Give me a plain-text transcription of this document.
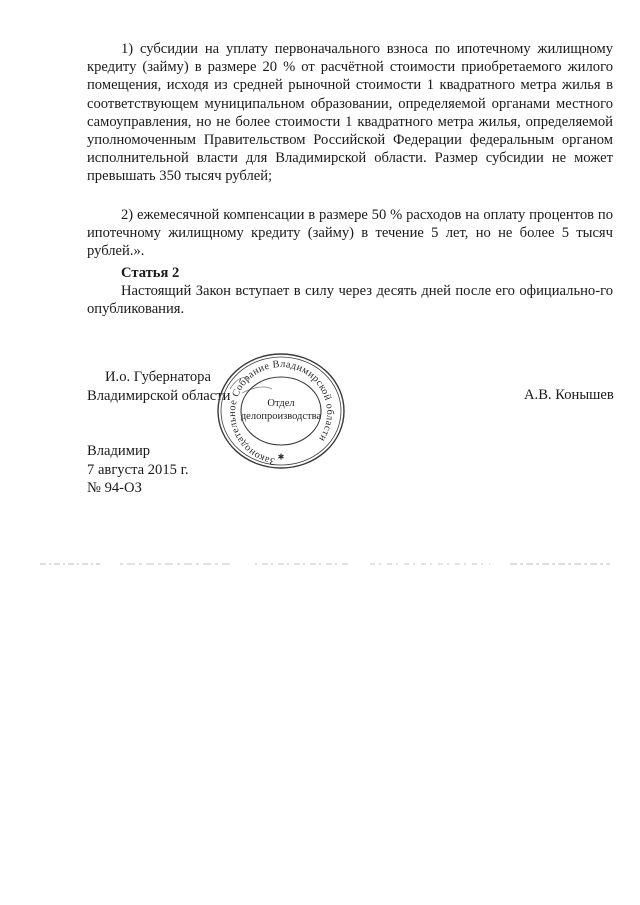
1) субсидии на уплату первоначального взноса по ипотечному жилищному кредиту (займу) в размере 20 % от расчётной стоимости приобретаемого жилого помещения, исходя из средней рыночной стоимости 1 квадратного метра жилья в соответствующем муниципальном образовании, определяемой органами местного самоуправления, но не более стоимости 1 квадратного метра жилья, определяемой уполномоченным Правительством Российской Федерации федеральным органом исполнительной власти для Владимирской области. Размер субсидии не может превышать 350 тысяч рублей;

2) ежемесячной компенсации в размере 50 % расходов на оплату процентов по ипотечному жилищному кредиту (займу) в течение 5 лет, но не более 5 тысяч рублей.».

Статья 2

Настоящий Закон вступает в силу через десять дней после его официально-го опубликования.

И.о. Губернатора
Владимирской области
Законодательное Собрание Владимирской области
✱
Отдел
делопроизводства
А.В. Конышев
Владимир
7 августа 2015 г.
№ 94-ОЗ
